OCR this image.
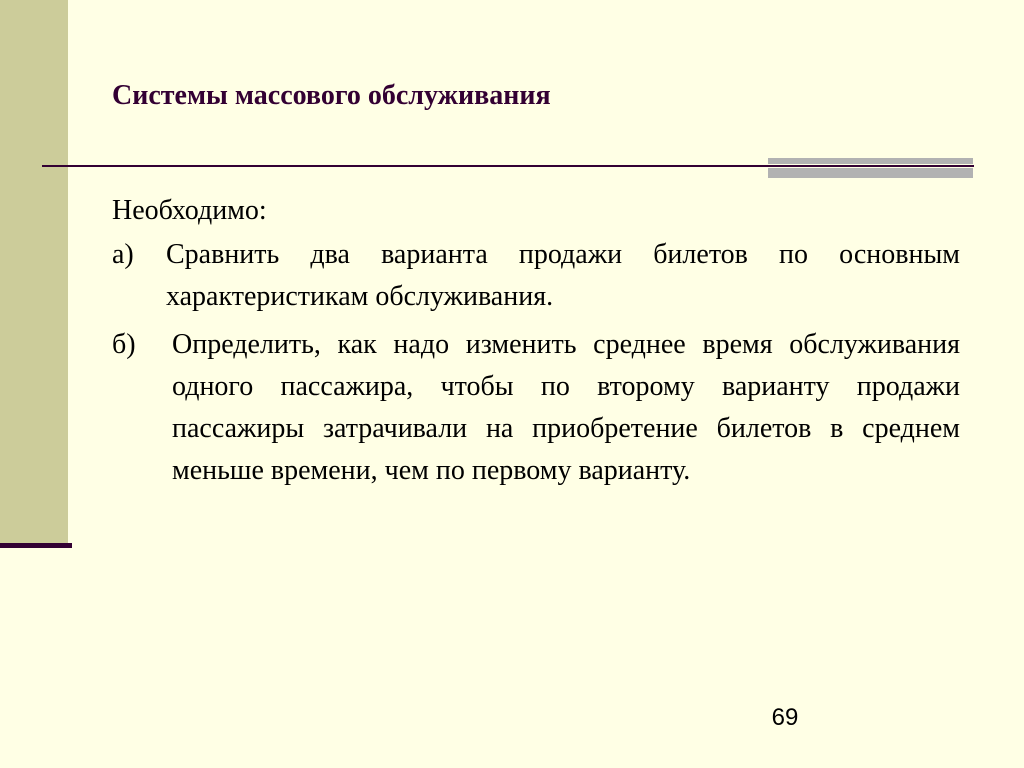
Системы массового обслуживания

Необходимо:

а)	Сравнить два варианта продажи билетов по основным характеристикам обслуживания.
б)	Определить, как надо изменить среднее время обслуживания одного пассажира, чтобы по второму варианту продажи пассажиры затрачивали на приобретение билетов в среднем меньше времени, чем по первому варианту.
69
